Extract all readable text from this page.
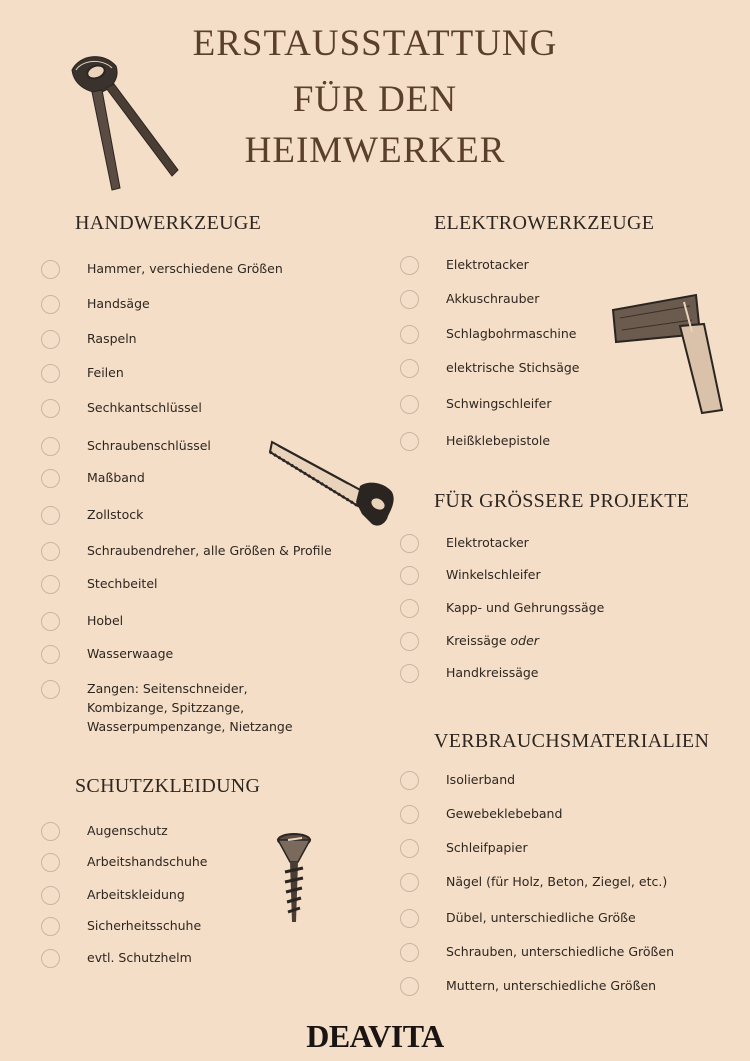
ERSTAUSSTATTUNG
FÜR DEN
HEIMWERKER
HANDWERKZEUGE
Hammer, verschiedene Größen
Handsäge
Raspeln
Feilen
Sechkantschlüssel
Schraubenschlüssel
Maßband
Zollstock
Schraubendreher, alle Größen & Profile
Stechbeitel
Hobel
Wasserwaage
Zangen: Seitenschneider, Kombizange, Spitzzange, Wasserpumpenzange, Nietzange
SCHUTZKLEIDUNG
Augenschutz
Arbeitshandschuhe
Arbeitskleidung
Sicherheitsschuhe
evtl. Schutzhelm
ELEKTROWERKZEUGE
Elektrotacker
Akkuschrauber
Schlagbohrmaschine
elektrische Stichsäge
Schwingschleifer
Heißklebepistole
FÜR GRÖSSERE PROJEKTE
Elektrotacker
Winkelschleifer
Kapp- und Gehrungssäge
Kreissäge oder
Handkreissäge
VERBRAUCHSMATERIALIEN
Isolierband
Gewebeklebeband
Schleifpapier
Nägel (für Holz, Beton, Ziegel, etc.)
Dübel, unterschiedliche Größe
Schrauben, unterschiedliche Größen
Muttern, unterschiedliche Größen
DEAVITA
